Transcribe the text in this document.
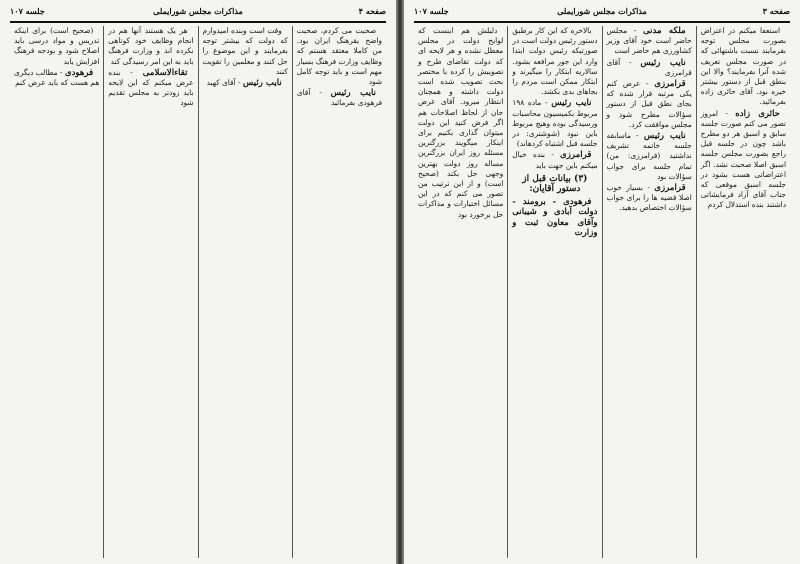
صفحه ۴
مذاکرات مجلس شورایملی
جلسه ۱۰۷

صحبت می کردم، صحبت واضح یقرهنگ ایران بود. من کاملا معتقد هستم که وظایف وزارت فرهنگ بسیار مهم است و باید توجه کامل شود

نایب رئیس - آقای فرهودی بفرمائید

وقت است وبنده امیدوارم که دولت که بیشتر توجه بفرمایند و این موضوع را حل کنند و معلمین را تقویت کنند

نایب رئیس - آقای کهبد

هر یک هستند آنها هم در انجام وظایف خود کوتاهی نکرده اند و وزارت فرهنگ باید به این امر رسیدگی کند

تقاءالاسلامی - بنده عرض میکنم که این لایحه باید زودتر به مجلس تقدیم شود

(صحیح است) برای اینکه تدریس و مواد درسی باید اصلاح شود و بودجه فرهنگ افزایش یابد

فرهودی - مطالب دیگری هم هست که باید عرض کنم

صفحه ۳
مذاکرات مجلس شورایملی
جلسه ۱۰۷

استعفا میکنم در اعتراض بصورت مجلس توجه بفرمایند نسبت باشتهائی که در صورت مجلس تعریف شده آنرا بفرمایند؟ والا این بنطق قبل از دستور بیشتر خیره بود. آقای حائری زاده بفرمائید.

حائری زاده - امروز تصور می کنم صورت جلسه سابق و اسبق هر دو مطرح باشد چون در جلسه قبل راجع بصورت مجلس جلسه اسبق اصلا صحبت نشد. اگر اعتراضاتی هست بشود در جلسه اسبق موقعی که جناب آقای آزاد فرمایشاتی داشتند بنده استدلال کردم

ملکه مدنی - مجلس حاضر است خود آقای وزیر کشاورزی هم حاضر است

نایب رئیس - آقای قرامرزی

قرامرزی - عرض کنم یکی مرتبه قرار شده که بجای نطق قبل از دستور سؤالات مطرح شود و مجلس موافقت کرد.

نایب رئیس - ماسابقه جلسه خاتمه تشریف نداشتید (قرامرزی: من) تمام جلسه برای جواب سؤالات بود

قرامرزی - بسیار خوب اصلا قضیه ها را برای جواب سؤالات اختصاص بدهید.

بالاخره که این کار برطبق دستور رئیس دولت است در صورتیکه رئیس دولت ابتدا وارد این جور مرافعه بشود. سالاریه ابتکار را میگیرند و ابتکار ممکن است مردم را بجاهای بدی بکشد.

نایب رئیس - ماده ۱۹۸ مربوط بکمیسیون محاسبات ورسیدگی بوده وهیچ مربوط باین نبود (شوشتری: در جلسه قبل اشتباه کردهاند)

قرامرزی - بنده خیال میکنم باین جهت باید

(۳) بیانات قبل از دستور آقایان:

فرهودی - برومند - دولت آبادی و شیبانی وآقای معاون ثبت و وزارت

دلیلش هم اینست که لوایح دولت در مجلس معطل نشده و هر لایحه ای که دولت تقاضای طرح و تصویبش را کرده با مختصر بحث تصویب شده است دولت داشته و همچنان انتظار میرود. آقای عرض جان از لحاظ اصلاحات هم اگر فرض کنید این دولت میتوان گذاری بکنیم برای اینکار میگویند بزرگترین مسئله روز ایران بزرگترین مساله روز دولت بهترین وجهی حل بکند (صحیح است) و از این ترتیب من تصور می کنم که در این مسائل اختیارات و مذاکرات حل برخورد بود
